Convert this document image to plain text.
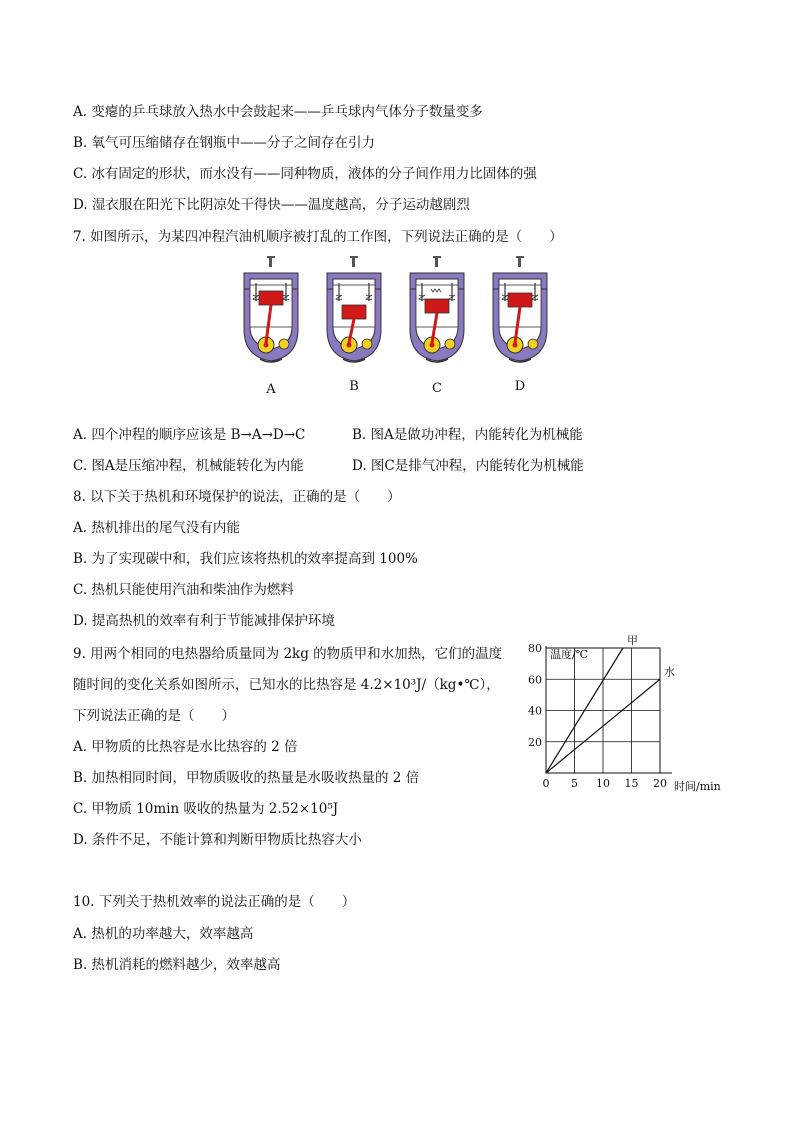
A. 变瘪的乒乓球放入热水中会鼓起来——乒乓球内气体分子数量变多
B. 氧气可压缩储存在钢瓶中——分子之间存在引力
C. 冰有固定的形状，而水没有——同种物质，液体的分子间作用力比固体的强
D. 湿衣服在阳光下比阴凉处干得快——温度越高，分子运动越剧烈
7. 如图所示，为某四冲程汽油机顺序被打乱的工作图，下列说法正确的是（　　）
A	B	C	D
A. 四个冲程的顺序应该是 B→A→D→C	B. 图A是做功冲程，内能转化为机械能
C. 图A是压缩冲程，机械能转化为内能	D. 图C是排气冲程，内能转化为机械能
8. 以下关于热机和环境保护的说法，正确的是（　　）
A. 热机排出的尾气没有内能
B. 为了实现碳中和，我们应该将热机的效率提高到 100%
C. 热机只能使用汽油和柴油作为燃料
D. 提高热机的效率有利于节能减排保护环境
9. 用两个相同的电热器给质量同为 2kg 的物质甲和水加热，它们的温度
随时间的变化关系如图所示，已知水的比热容是 4.2×10³J/（kg•℃），
下列说法正确的是（　　）
A. 甲物质的比热容是水比热容的 2 倍
B. 加热相同时间，甲物质吸收的热量是水吸收热量的 2 倍
C. 甲物质 10min 吸收的热量为 2.52×10⁵J
D. 条件不足，不能计算和判断甲物质比热容大小
甲
水
0 5 10 15 20
20
40
60
80 温度/℃
时间/min
10. 下列关于热机效率的说法正确的是（　　）
A. 热机的功率越大，效率越高
B. 热机消耗的燃料越少，效率越高
